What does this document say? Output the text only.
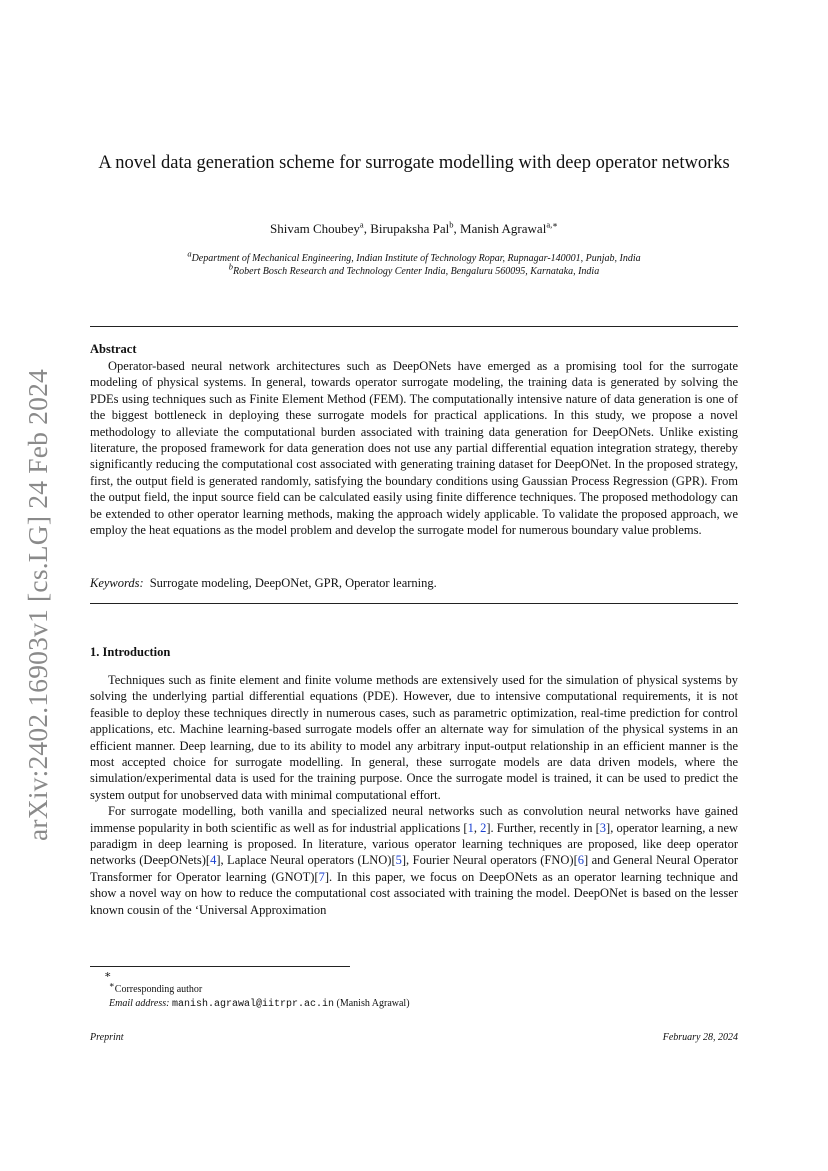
arXiv:2402.16903v1 [cs.LG] 24 Feb 2024
A novel data generation scheme for surrogate modelling with deep operator networks
Shivam Choubey$^a$, Birupaksha Pal$^b$, Manish Agrawal$^{a,∗}$
$^a$Department of Mechanical Engineering, Indian Institute of Technology Ropar, Rupnagar-140001, Punjab, India
$^b$Robert Bosch Research and Technology Center India, Bengaluru 560095, Karnataka, India
Abstract

Operator-based neural network architectures such as DeepONets have emerged as a promising tool for the surrogate modeling of physical systems. In general, towards operator surrogate modeling, the training data is generated by solving the PDEs using techniques such as Finite Element Method (FEM). The computationally intensive nature of data generation is one of the biggest bottleneck in deploying these surrogate models for practical applications. In this study, we propose a novel methodology to alleviate the computational burden associated with training data generation for DeepONets. Unlike existing literature, the proposed framework for data generation does not use any partial differential equation integration strategy, thereby significantly reducing the computational cost associated with generating training dataset for DeepONet. In the proposed strategy, first, the output field is generated randomly, satisfying the boundary conditions using Gaussian Process Regression (GPR). From the output field, the input source field can be calculated easily using finite difference techniques. The proposed methodology can be extended to other operator learning methods, making the approach widely applicable. To validate the proposed approach, we employ the heat equations as the model problem and develop the surrogate model for numerous boundary value problems.

Keywords: Surrogate modeling, DeepONet, GPR, Operator learning.
1. Introduction

Techniques such as finite element and finite volume methods are extensively used for the simulation of physical systems by solving the underlying partial differential equations (PDE). However, due to intensive computational requirements, it is not feasible to deploy these techniques directly in numerous cases, such as parametric optimization, real-time prediction for control applications, etc. Machine learning-based surrogate models offer an alternate way for simulation of the physical systems in an efficient manner. Deep learning, due to its ability to model any arbitrary input-output relationship in an efficient manner is the most accepted choice for surrogate modelling. In general, these surrogate models are data driven models, where the simulation/experimental data is used for the training purpose. Once the surrogate model is trained, it can be used to predict the system output for unobserved data with minimal computational effort.

For surrogate modelling, both vanilla and specialized neural networks such as convolution neural networks have gained immense popularity in both scientific as well as for industrial applications [1, 2]. Further, recently in [3], operator learning, a new paradigm in deep learning is proposed. In literature, various operator learning techniques are proposed, like deep operator networks (DeepONets)[4], Laplace Neural operators (LNO)[5], Fourier Neural operators (FNO)[6] and General Neural Operator Transformer for Operator learning (GNOT)[7]. In this paper, we focus on DeepONets as an operator learning technique and show a novel way on how to reduce the computational cost associated with training the model. DeepONet is based on the lesser known cousin of the ‘Universal Approximation

∗
∗Corresponding author
Email address: manish.agrawal@iitrpr.ac.in (Manish Agrawal)
Preprint	February 28, 2024
